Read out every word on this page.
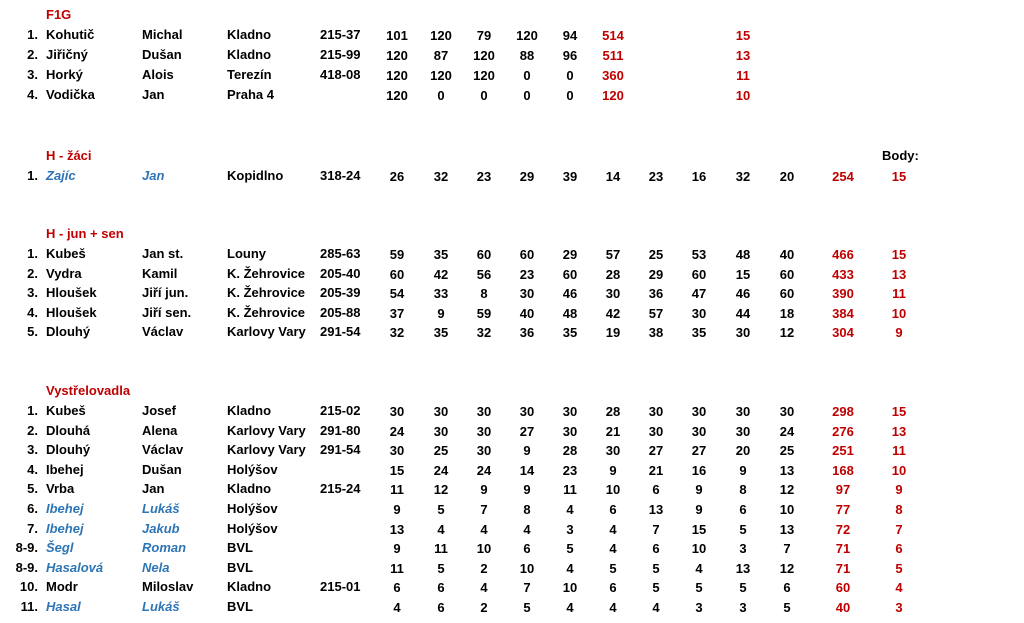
F1G
1. Kohutič	Michal	Kladno	215-37	101	120	79	120	94	514	15
2. Jiřičný	Dušan	Kladno	215-99	120	87	120	88	96	511	13
3. Horký	Alois	Terezín	418-08	120	120	120	0	0	360	11
4. Vodička	Jan	Praha 4	120	0	0	0	0	120	10
H - žáci	Body:
1. Zajíc	Jan	Kopidlno	318-24	26	32	23	29	39	14	23	16	32	20	254	15
H - jun + sen
1. Kubeš	Jan st.	Louny	285-63	59	35	60	60	29	57	25	53	48	40	466	15
2. Vydra	Kamil	K. Žehrovice 205-40	60	42	56	23	60	28	29	60	15	60	433	13
3. Hloušek	Jiří jun.	K. Žehrovice 205-39	54	33	8	30	46	30	36	47	46	60	390	11
4. Hloušek	Jiří sen.	K. Žehrovice 205-88	37	9	59	40	48	42	57	30	44	18	384	10
5. Dlouhý	Václav	Karlovy Vary 291-54	32	35	32	36	35	19	38	35	30	12	304	9
Vystřelovadla
1. Kubeš	Josef	Kladno	215-02	30	30	30	30	30	28	30	30	30	30	298	15
2. Dlouhá	Alena	Karlovy Vary 291-80	24	30	30	27	30	21	30	30	30	24	276	13
3. Dlouhý	Václav	Karlovy Vary 291-54	30	25	30	9	28	30	27	27	20	25	251	11
4. Ibehej	Dušan	Holýšov	15	24	24	14	23	9	21	16	9	13	168	10
5. Vrba	Jan	Kladno	215-24	11	12	9	9	11	10	6	9	8	12	97	9
6. Ibehej	Lukáš	Holýšov	9	5	7	8	4	6	13	9	6	10	77	8
7. Ibehej	Jakub	Holýšov	13	4	4	4	3	4	7	15	5	13	72	7
8-9. Šegl	Roman	BVL	9	11	10	6	5	4	6	10	3	7	71	6
8-9. Hasalová	Nela	BVL	11	5	2	10	4	5	5	4	13	12	71	5
10. Modr	Miloslav	Kladno	215-01	6	6	4	7	10	6	5	5	5	6	60	4
11. Hasal	Lukáš	BVL	4	6	2	5	4	4	4	3	3	5	40	3
